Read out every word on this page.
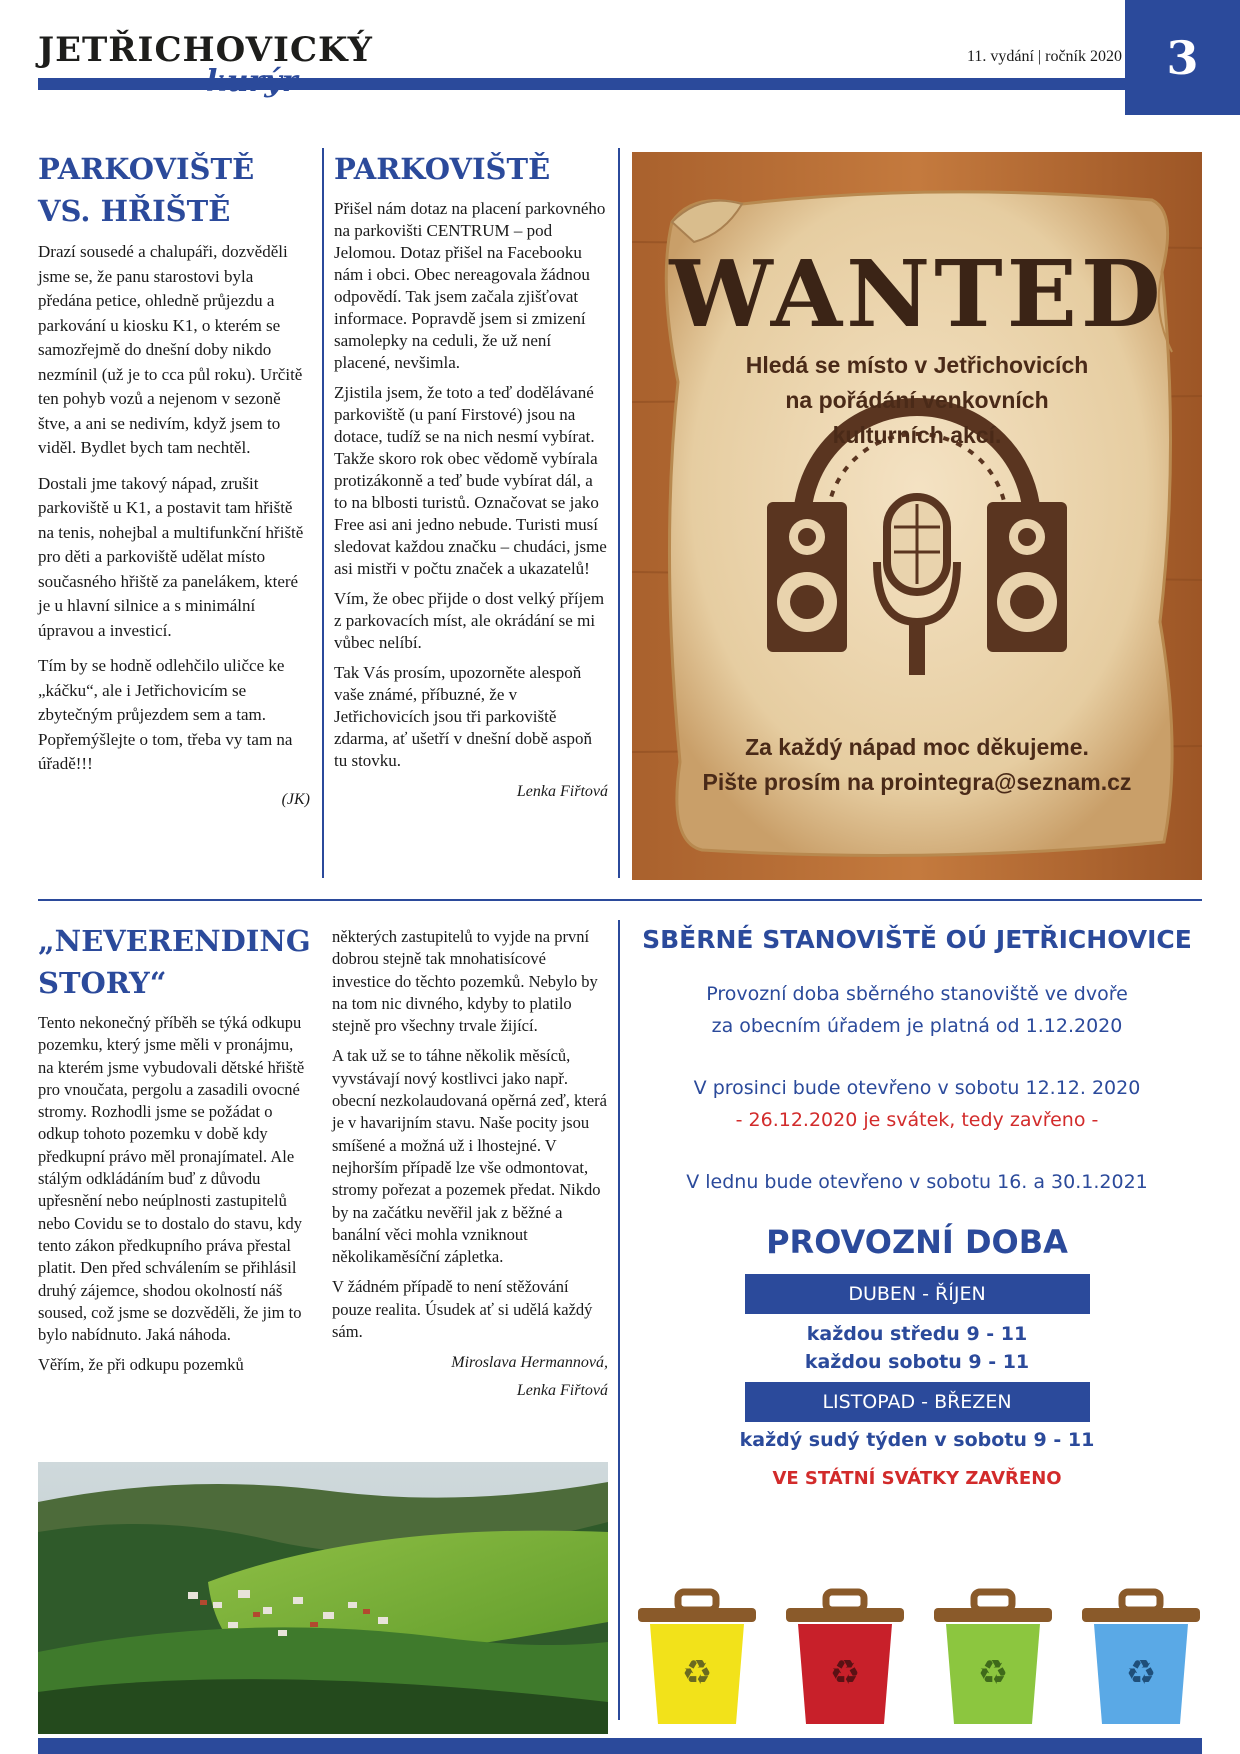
JETŘICHOVICKÝ	11. vydání | ročník 2020 3
PARKOVIŠTĚ VS. HŘIŠTĚ

Drazí sousedé a chalupáři, dozvěděli jsme se, že panu starostovi byla předána petice, ohledně průjezdu a parkování u kiosku K1, o kterém se samozřejmě do dnešní doby nikdo nezmínil (už je to cca půl roku). Určitě ten pohyb vozů a nejenom v sezoně štve, a ani se nedivím, když jsem to viděl. Bydlet bych tam nechtěl.

Dostali jme takový nápad, zrušit parkoviště u K1, a postavit tam hřiště na tenis, nohejbal a multifunkční hřiště pro děti a parkoviště udělat místo současného hřiště za panelákem, které je u hlavní silnice a s minimální úpravou a investicí.

Tím by se hodně odlehčilo uličce ke „káčku“, ale i Jetřichovicím se zbytečným průjezdem sem a tam. Popřemýšlejte o tom, třeba vy tam na úřadě!!!

(JK)
PARKOVIŠTĚ

Přišel nám dotaz na placení parkovného na parkovišti CENTRUM – pod Jelomou. Dotaz přišel na Facebooku nám i obci. Obec nereagovala žádnou odpovědí. Tak jsem začala zjišťovat informace. Popravdě jsem si zmizení samolepky na ceduli, že už není placené, nevšimla.

Zjistila jsem, že toto a teď dodělávané parkoviště (u paní Firstové) jsou na dotace, tudíž se na nich nesmí vybírat. Takže skoro rok obec vědomě vybírala protizákonně a teď bude vybírat dál, a to na blbosti turistů. Označovat se jako Free asi ani jedno nebude. Turisti musí sledovat každou značku – chudáci, jsme asi mistři v počtu značek a ukazatelů!

Vím, že obec přijde o dost velký příjem z parkovacích míst, ale okrádání se mi vůbec nelíbí.

Tak Vás prosím, upozorněte alespoň vaše známé, příbuzné, že v Jetřichovicích jsou tři parkoviště zdarma, ať ušetří v dnešní době aspoň tu stovku.

Lenka Fiřtová
WANTED
Hledá se místo v Jetřichovicích
na pořádání venkovních
kulturních akcí.
Za každý nápad moc děkujeme.
Pište prosím na prointegra@seznam.cz
„NEVERENDING STORY“

Tento nekonečný příběh se týká odkupu pozemku, který jsme měli v pronájmu, na kterém jsme vybudovali dětské hřiště pro vnoučata, pergolu a zasadili ovocné stromy. Rozhodli jsme se požádat o odkup tohoto pozemku v době kdy předkupní právo měl pronajímatel. Ale stálým odkládáním buď z důvodu upřesnění nebo neúplnosti zastupitelů nebo Covidu se to dostalo do stavu, kdy tento zákon předkupního práva přestal platit. Den před schválením se přihlásil druhý zájemce, shodou okolností náš soused, což jsme se dozvěděli, že jim to bylo nabídnuto. Jaká náhoda.

Věřím, že při odkupu pozemků

některých zastupitelů to vyjde na první dobrou stejně tak mnohatisícové investice do těchto pozemků. Nebylo by na tom nic divného, kdyby to platilo stejně pro všechny trvale žijící.

A tak už se to táhne několik měsíců, vyvstávají nový kostlivci jako např. obecní nezkolaudovaná opěrná zeď, která je v havarijním stavu. Naše pocity jsou smíšené a možná už i lhostejné. V nejhorším případě lze vše odmontovat, stromy pořezat a pozemek předat. Nikdo by na začátku nevěřil jak z běžné a banální věci mohla vzniknout několikaměsíční zápletka.

V žádném případě to není stěžování pouze realita. Úsudek ať si udělá každý sám.

Miroslava Hermannová,
Lenka Fiřtová
SBĚRNÉ STANOVIŠTĚ OÚ JETŘICHOVICE
Provozní doba sběrného stanoviště ve dvoře
za obecním úřadem je platná od 1.12.2020
V prosinci bude otevřeno v sobotu 12.12. 2020
- 26.12.2020 je svátek, tedy zavřeno -
V lednu bude otevřeno v sobotu 16. a 30.1.2021
PROVOZNÍ DOBA
DUBEN - ŘÍJEN
každou středu 9 - 11
každou sobotu 9 - 11
LISTOPAD - BŘEZEN
každý sudý týden v sobotu 9 - 11
VE STÁTNÍ SVÁTKY ZAVŘENO
♻	♻	♻	♻
